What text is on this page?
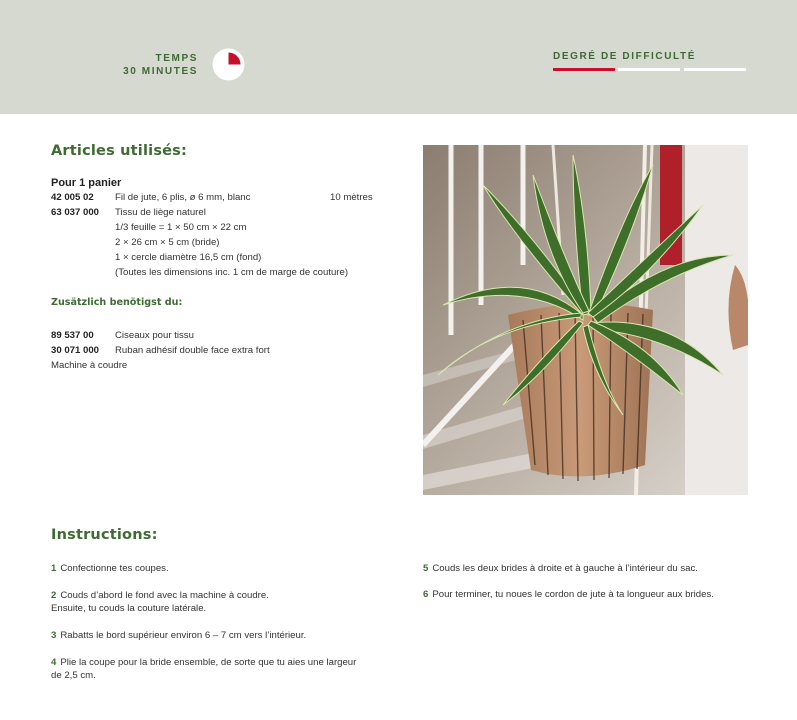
TEMPS
30 MINUTES
DEGRÉ DE DIFFICULTÉ
Articles utilisés:
Pour 1 panier
42 005 02 Fil de jute, 6 plis, ø 6 mm, blanc	10 mètres
63 037 000 Tissu de liège naturel
1/3 feuille = 1 × 50 cm × 22 cm
2 × 26 cm × 5 cm (bride)
1 × cercle diamètre 16,5 cm (fond)
(Toutes les dimensions inc. 1 cm de marge de couture)
Zusätzlich benötigst du:
89 537 00 Ciseaux pour tissu
30 071 000 Ruban adhésif double face extra fort
Machine à coudre
Instructions:
1 Confectionne tes coupes.
2 Couds d’abord le fond avec la machine à coudre.
Ensuite, tu couds la couture latérale.
3 Rabatts le bord supérieur environ 6 – 7 cm vers l’intérieur.
4 Plie la coupe pour la bride ensemble, de sorte que tu aies une largeur
de 2,5 cm.
5 Couds les deux brides à droite et à gauche à l’intérieur du sac.
6 Pour terminer, tu noues le cordon de jute à ta longueur aux brides.
